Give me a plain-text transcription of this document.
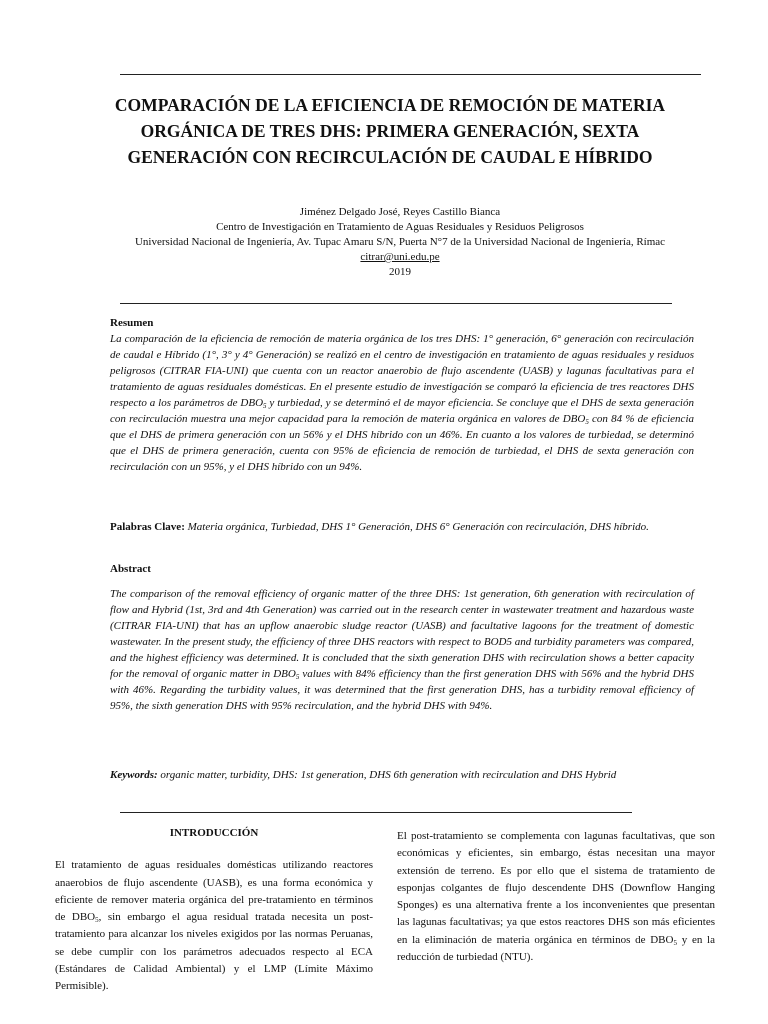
COMPARACIÓN DE LA EFICIENCIA DE REMOCIÓN DE MATERIA ORGÁNICA DE TRES DHS: PRIMERA GENERACIÓN, SEXTA GENERACIÓN CON RECIRCULACIÓN DE CAUDAL E HÍBRIDO
Jiménez Delgado José, Reyes Castillo Bianca
Centro de Investigación en Tratamiento de Aguas Residuales y Residuos Peligrosos
Universidad Nacional de Ingeniería, Av. Tupac Amaru S/N, Puerta N°7 de la Universidad Nacional de Ingeniería, Rímac
citrar@uni.edu.pe
2019
Resumen
La comparación de la eficiencia de remoción de materia orgánica de los tres DHS: 1° generación, 6° generación con recirculación de caudal e Híbrido (1°, 3° y 4° Generación) se realizó en el centro de investigación en tratamiento de aguas residuales y residuos peligrosos (CITRAR FIA-UNI) que cuenta con un reactor anaerobio de flujo ascendente (UASB) y lagunas facultativas para el tratamiento de aguas residuales domésticas. En el presente estudio de investigación se comparó la eficiencia de tres reactores DHS respecto a los parámetros de $DBO_5$ y turbiedad, y se determinó el de mayor eficiencia. Se concluye que el DHS de sexta generación con recirculación muestra una mejor capacidad para la remoción de materia orgánica en valores de $DBO_5$ con 84 % de eficiencia que el DHS de primera generación con un 56% y el DHS híbrido con un 46%. En cuanto a los valores de turbiedad, se determinó que el DHS de primera generación, cuenta con 95% de eficiencia de remoción de turbiedad, el DHS de sexta generación con recirculación con un 95%, y el DHS híbrido con un 94%.
Palabras Clave: Materia orgánica, Turbiedad, DHS 1° Generación, DHS 6° Generación con recirculación, DHS híbrido.
Abstract
The comparison of the removal efficiency of organic matter of the three DHS: 1st generation, 6th generation with recirculation of flow and Hybrid (1st, 3rd and 4th Generation) was carried out in the research center in wastewater treatment and hazardous waste (CITRAR FIA-UNI) that has an upflow anaerobic sludge reactor (UASB) and facultative lagoons for the treatment of domestic wastewater. In the present study, the efficiency of three DHS reactors with respect to BOD5 and turbidity parameters was compared, and the highest efficiency was determined. It is concluded that the sixth generation DHS with recirculation shows a better capacity for the removal of organic matter in $DBO_5$ values with 84% efficiency than the first generation DHS with 56% and the hybrid DHS with 46%. Regarding the turbidity values, it was determined that the first generation DHS, has a turbidity removal efficiency of 95%, the sixth generation DHS with 95% recirculation, and the hybrid DHS with 94%.
Keywords: organic matter, turbidity, DHS: 1st generation, DHS 6th generation with recirculation and DHS Hybrid
INTRODUCCIÓN
El tratamiento de aguas residuales domésticas utilizando reactores anaerobios de flujo ascendente (UASB), es una forma económica y eficiente de remover materia orgánica del pre-tratamiento en términos de $DBO_5$, sin embargo el agua residual tratada necesita un post-tratamiento para alcanzar los niveles exigidos por las normas Peruanas, se debe cumplir con los parámetros adecuados respecto al ECA (Estándares de Calidad Ambiental) y el LMP (Límite Máximo Permisible).
El post-tratamiento se complementa con lagunas facultativas, que son económicas y eficientes, sin embargo, éstas necesitan una mayor extensión de terreno. Es por ello que el sistema de tratamiento de esponjas colgantes de flujo descendente DHS (Downflow Hanging Sponges) es una alternativa frente a los inconvenientes que presentan las lagunas facultativas; ya que estos reactores DHS son más eficientes en la eliminación de materia orgánica en términos de $DBO_5$ y en la reducción de turbiedad (NTU).
